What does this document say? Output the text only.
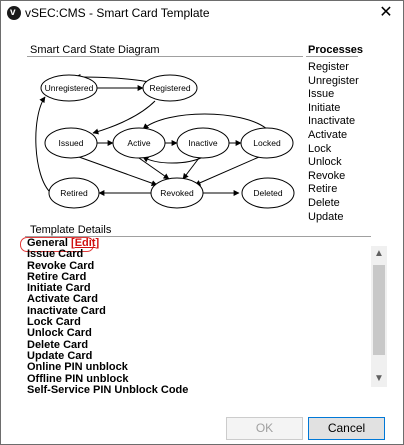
v vSEC:CMS - Smart Card Template	✕
Smart Card State Diagram
Unregistered	Registered
Issued	Active	Inactive	Locked
Retired	Revoked	Deleted
Processes
Register
Unregister
Issue
Initiate
Inactivate
Activate
Lock
Unlock
Revoke
Retire
Delete
Update
Template Details
General [Edit]
Issue Card
Revoke Card
Retire Card
Initiate Card
Activate Card
Inactivate Card
Lock Card
Unlock Card
Delete Card
Update Card
Online PIN unblock
Offline PIN unblock
Self-Service PIN Unblock Code
▲
▼
OK	Cancel
